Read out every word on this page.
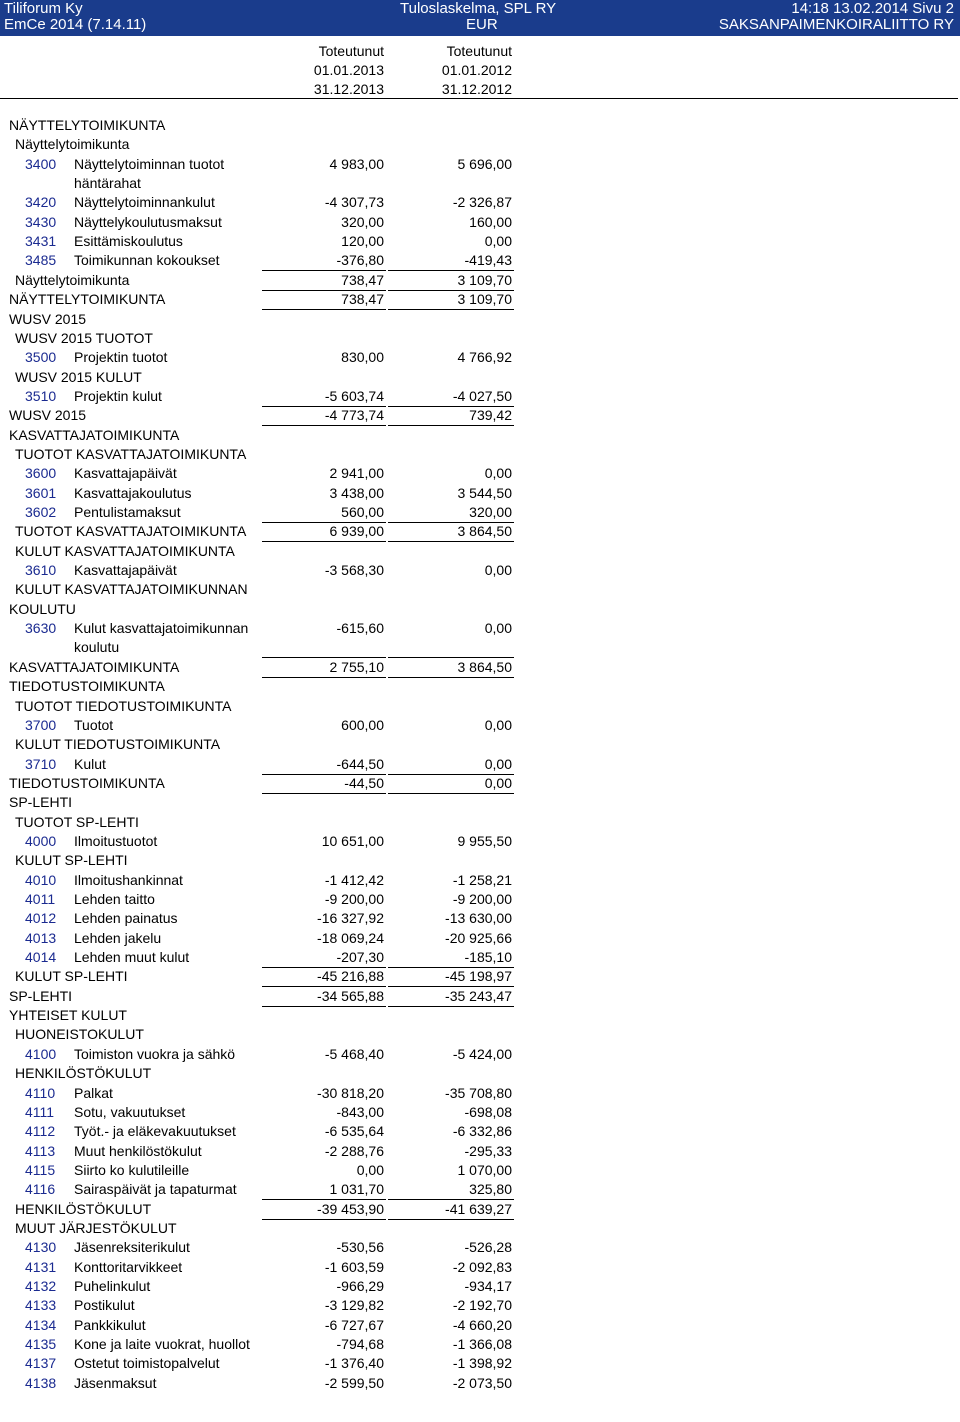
Tiliforum Ky
EmCe 2014 (7.14.11)
Tuloslaskelma, SPL RY
EUR
14:18 13.02.2014 Sivu 2
SAKSANPAIMENKOIRALIITTO RY
Toteutunut
01.01.2013
31.12.2013
Toteutunut
01.01.2012
31.12.2012
NÄYTTELYTOIMIKUNTA
Näyttelytoimikunta
3400 Näyttelytoiminnan tuotot	4 983,00	5 696,00
häntärahat
3420 Näyttelytoiminnankulut	-4 307,73	-2 326,87
3430 Näyttelykoulutusmaksut	320,00	160,00
3431 Esittämiskoulutus	120,00	0,00
3485 Toimikunnan kokoukset	-376,80	-419,43
Näyttelytoimikunta	738,47	3 109,70
NÄYTTELYTOIMIKUNTA	738,47	3 109,70
WUSV 2015
WUSV 2015 TUOTOT
3500 Projektin tuotot	830,00	4 766,92
WUSV 2015 KULUT
3510 Projektin kulut	-5 603,74	-4 027,50
WUSV 2015	-4 773,74	739,42
KASVATTAJATOIMIKUNTA
TUOTOT KASVATTAJATOIMIKUNTA
3600 Kasvattajapäivät	2 941,00	0,00
3601 Kasvattajakoulutus	3 438,00	3 544,50
3602 Pentulistamaksut	560,00	320,00
TUOTOT KASVATTAJATOIMIKUNTA	6 939,00	3 864,50
KULUT KASVATTAJATOIMIKUNTA
3610 Kasvattajapäivät	-3 568,30	0,00
KULUT KASVATTAJATOIMIKUNNAN
KOULUTU
3630 Kulut kasvattajatoimikunnan	-615,60	0,00
koulutu
KASVATTAJATOIMIKUNTA	2 755,10	3 864,50
TIEDOTUSTOIMIKUNTA
TUOTOT TIEDOTUSTOIMIKUNTA
3700 Tuotot	600,00	0,00
KULUT TIEDOTUSTOIMIKUNTA
3710 Kulut	-644,50	0,00
TIEDOTUSTOIMIKUNTA	-44,50	0,00
SP-LEHTI
TUOTOT SP-LEHTI
4000 Ilmoitustuotot	10 651,00	9 955,50
KULUT SP-LEHTI
4010 Ilmoitushankinnat	-1 412,42	-1 258,21
4011 Lehden taitto	-9 200,00	-9 200,00
4012 Lehden painatus	-16 327,92	-13 630,00
4013 Lehden jakelu	-18 069,24	-20 925,66
4014 Lehden muut kulut	-207,30	-185,10
KULUT SP-LEHTI	-45 216,88	-45 198,97
SP-LEHTI	-34 565,88	-35 243,47
YHTEISET KULUT
HUONEISTOKULUT
4100 Toimiston vuokra ja sähkö	-5 468,40	-5 424,00
HENKILÖSTÖKULUT
4110 Palkat	-30 818,20	-35 708,80
4111 Sotu, vakuutukset	-843,00	-698,08
4112 Työt.- ja eläkevakuutukset	-6 535,64	-6 332,86
4113 Muut henkilöstökulut	-2 288,76	-295,33
4115 Siirto ko kulutileille	0,00	1 070,00
4116 Sairaspäivät ja tapaturmat	1 031,70	325,80
HENKILÖSTÖKULUT	-39 453,90	-41 639,27
MUUT JÄRJESTÖKULUT
4130 Jäsenreksiterikulut	-530,56	-526,28
4131 Konttoritarvikkeet	-1 603,59	-2 092,83
4132 Puhelinkulut	-966,29	-934,17
4133 Postikulut	-3 129,82	-2 192,70
4134 Pankkikulut	-6 727,67	-4 660,20
4135 Kone ja laite vuokrat, huollot	-794,68	-1 366,08
4137 Ostetut toimistopalvelut	-1 376,40	-1 398,92
4138 Jäsenmaksut	-2 599,50	-2 073,50
